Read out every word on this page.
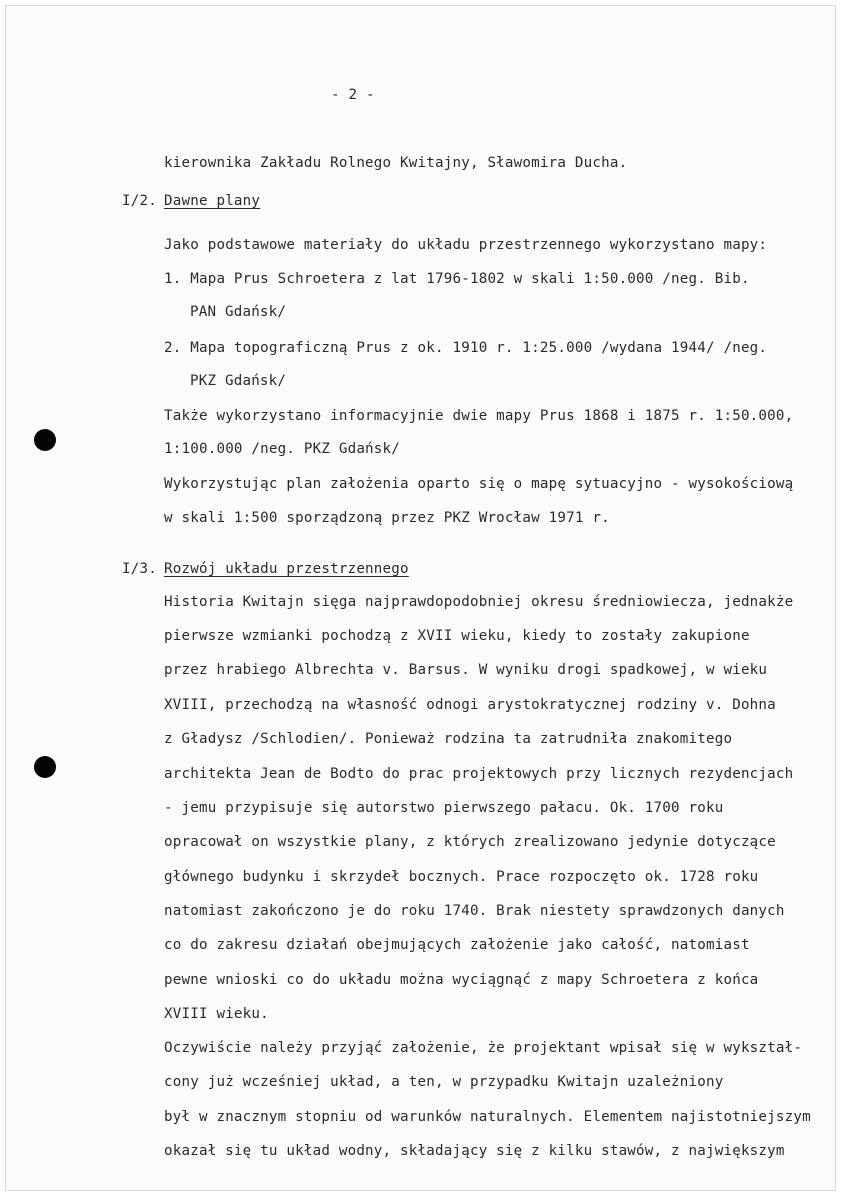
- 2 -
kierownika Zakładu Rolnego Kwitajny, Sławomira Ducha.
I/2. Dawne plany
Jako podstawowe materiały do układu przestrzennego wykorzystano mapy:
1. Mapa Prus Schroetera z lat 1796-1802 w skali 1:50.000 /neg. Bib.
PAN Gdańsk/
2. Mapa topograficzną Prus z ok. 1910 r. 1:25.000 /wydana 1944/ /neg.
PKZ Gdańsk/
Także wykorzystano informacyjnie dwie mapy Prus 1868 i 1875 r. 1:50.000,
1:100.000 /neg. PKZ Gdańsk/
Wykorzystując plan założenia oparto się o mapę sytuacyjno - wysokościową
w skali 1:500 sporządzoną przez PKZ Wrocław 1971 r.
I/3. Rozwój układu przestrzennego
Historia Kwitajn sięga najprawdopodobniej okresu średniowiecza, jednakże
pierwsze wzmianki pochodzą z XVII wieku, kiedy to zostały zakupione
przez hrabiego Albrechta v. Barsus. W wyniku drogi spadkowej, w wieku
XVIII, przechodzą na własność odnogi arystokratycznej rodziny v. Dohna
z Gładysz /Schlodien/. Ponieważ rodzina ta zatrudniła znakomitego
architekta Jean de Bodto do prac projektowych przy licznych rezydencjach
- jemu przypisuje się autorstwo pierwszego pałacu. Ok. 1700 roku
opracował on wszystkie plany, z których zrealizowano jedynie dotyczące
głównego budynku i skrzydeł bocznych. Prace rozpoczęto ok. 1728 roku
natomiast zakończono je do roku 1740. Brak niestety sprawdzonych danych
co do zakresu działań obejmujących założenie jako całość, natomiast
pewne wnioski co do układu można wyciągnąć z mapy Schroetera z końca
XVIII wieku.
Oczywiście należy przyjąć założenie, że projektant wpisał się w wykształ-
cony już wcześniej układ, a ten, w przypadku Kwitajn uzależniony
był w znacznym stopniu od warunków naturalnych. Elementem najistotniejszym
okazał się tu układ wodny, składający się z kilku stawów, z największym
